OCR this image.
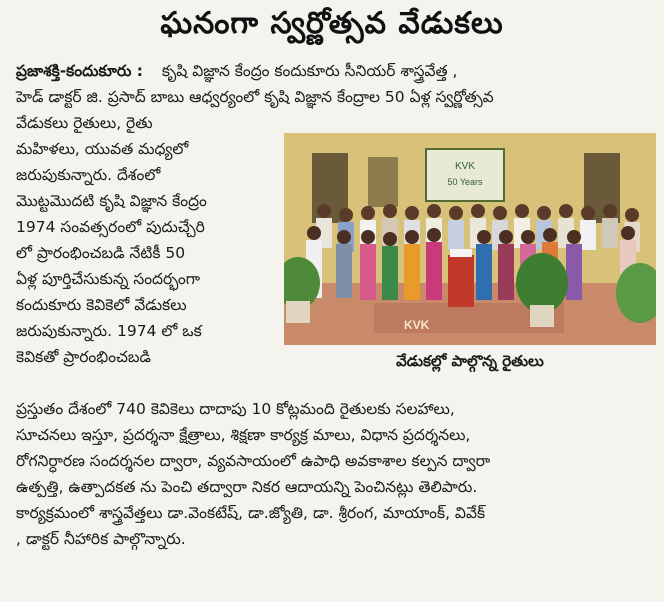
ఘనంగా స్వర్ణోత్సవ వేడుకలు
ప్రజాశక్తి-కందుకూరు : కృషి విజ్ఞాన కేంద్రం కందుకూరు సీనియర్ శాస్త్రవేత్త ,
హెడ్ డాక్టర్ జి. ప్రసాద్ బాబు ఆధ్వర్యంలో కృషి విజ్ఞాన కేంద్రాల 50 ఏళ్ల స్వర్ణోత్సవ
వేడుకలు రైతులు, రైతు
మహిళలు, యువత మధ్యలో
జరుపుకున్నారు. దేశంలో
మొట్టమొదటి కృషి విజ్ఞాన కేంద్రం
1974 సంవత్సరంలో పుదుచ్చేరి
లో ప్రారంభించబడి నేటికీ 50
ఏళ్ల పూర్తిచేసుకున్న సందర్భంగా
కందుకూరు కెవికెలో వేడుకలు
జరుపుకున్నారు. 1974 లో ఒక
కెవికతో ప్రారంభించబడి
KVK
50 Years
KVK
వేడుకల్లో పాల్గొన్న రైతులు
ప్రస్తుతం దేశంలో 740 కెవికెలు దాదాపు 10 కోట్లమంది రైతులకు సలహాలు,
సూచనలు ఇస్తూ, ప్రదర్శనా క్షేత్రాలు, శిక్షణా కార్యక్ర మాలు, విధాన ప్రదర్శనలు,
రోగనిర్ధారణ సందర్శనల ద్వారా, వ్యవసాయంలో ఉపాధి అవకాశాల కల్పన ద్వారా
ఉత్పత్తి, ఉత్పాదకత ను పెంచి తద్వారా నికర ఆదాయన్ని పెంచినట్లు తెలిపారు.
కార్యక్రమంలో శాస్త్రవేత్తలు డా.వెంకటేష్, డా.జ్యోతి, డా. శ్రీరంగ, మాయాంక్, వివేక్
, డాక్టర్ నీహారిక పాల్గొన్నారు.
